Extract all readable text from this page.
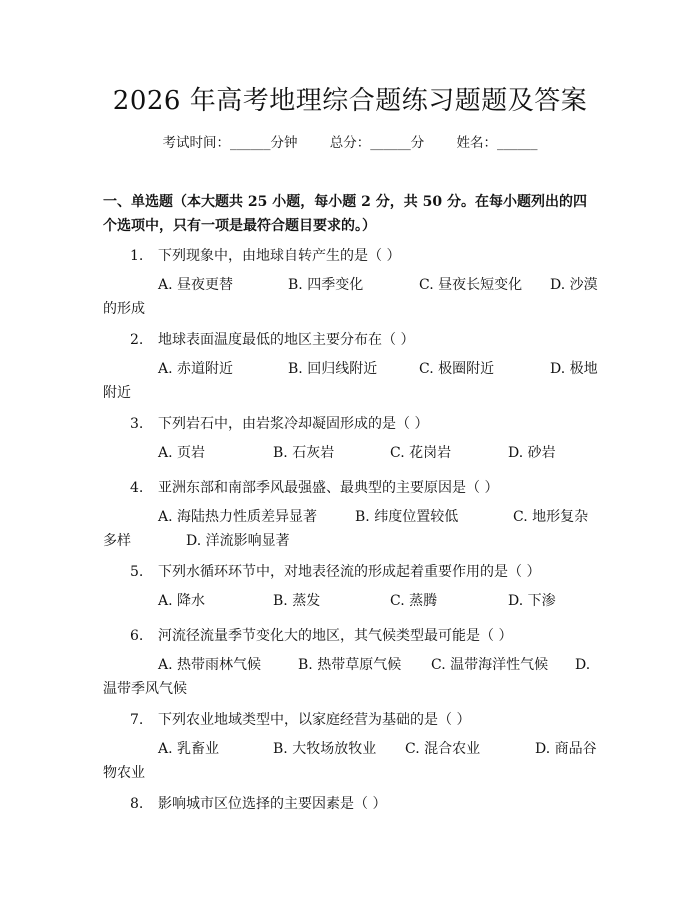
2026 年高考地理综合题练习题题及答案
考试时间：______分钟 总分：______分 姓名：______
一、单选题（本大题共 25 小题，每小题 2 分，共 50 分。在每小题列出的四个选项中，只有一项是最符合题目要求的。）
1. 下列现象中，由地球自转产生的是（ ）
A. 昼夜更替	B. 四季变化	C. 昼夜长短变化 D. 沙漠
的形成
2. 地球表面温度最低的地区主要分布在（ ）
A. 赤道附近	B. 回归线附近	C. 极圈附近	D. 极地
附近
3. 下列岩石中，由岩浆冷却凝固形成的是（ ）
A. 页岩	B. 石灰岩	C. 花岗岩	D. 砂岩
4. 亚洲东部和南部季风最强盛、最典型的主要原因是（ ）
A. 海陆热力性质差异显著	B. 纬度位置较低	C. 地形复杂
多样	D. 洋流影响显著
5. 下列水循环环节中，对地表径流的形成起着重要作用的是（ ）
A. 降水	B. 蒸发	C. 蒸腾	D. 下渗
6. 河流径流量季节变化大的地区，其气候类型最可能是（ ）
A. 热带雨林气候	B. 热带草原气候 C. 温带海洋性气候 D.
温带季风气候
7. 下列农业地域类型中，以家庭经营为基础的是（ ）
A. 乳畜业	B. 大牧场放牧业 C. 混合农业	D. 商品谷
物农业
8. 影响城市区位选择的主要因素是（ ）
